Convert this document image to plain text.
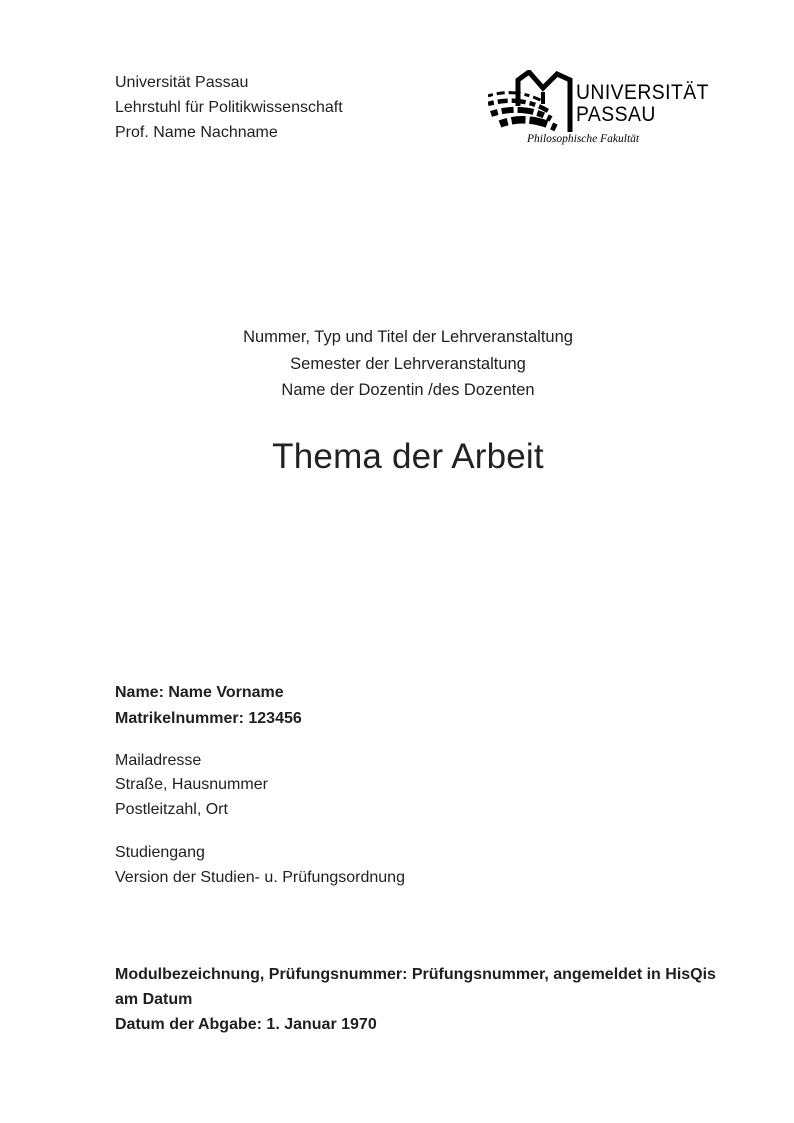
Universität Passau
Lehrstuhl für Politikwissenschaft
Prof. Name Nachname
UNIVERSITÄT
PASSAU
Philosophische Fakultät
Nummer, Typ und Titel der Lehrveranstaltung
Semester der Lehrveranstaltung
Name der Dozentin /des Dozenten
Thema der Arbeit
Name: Name Vorname
Matrikelnummer: 123456
Mailadresse
Straße, Hausnummer
Postleitzahl, Ort
Studiengang
Version der Studien- u. Prüfungsordnung
Modulbezeichnung, Prüfungsnummer: Prüfungsnummer, angemeldet in HisQis
am Datum
Datum der Abgabe: 1. Januar 1970
